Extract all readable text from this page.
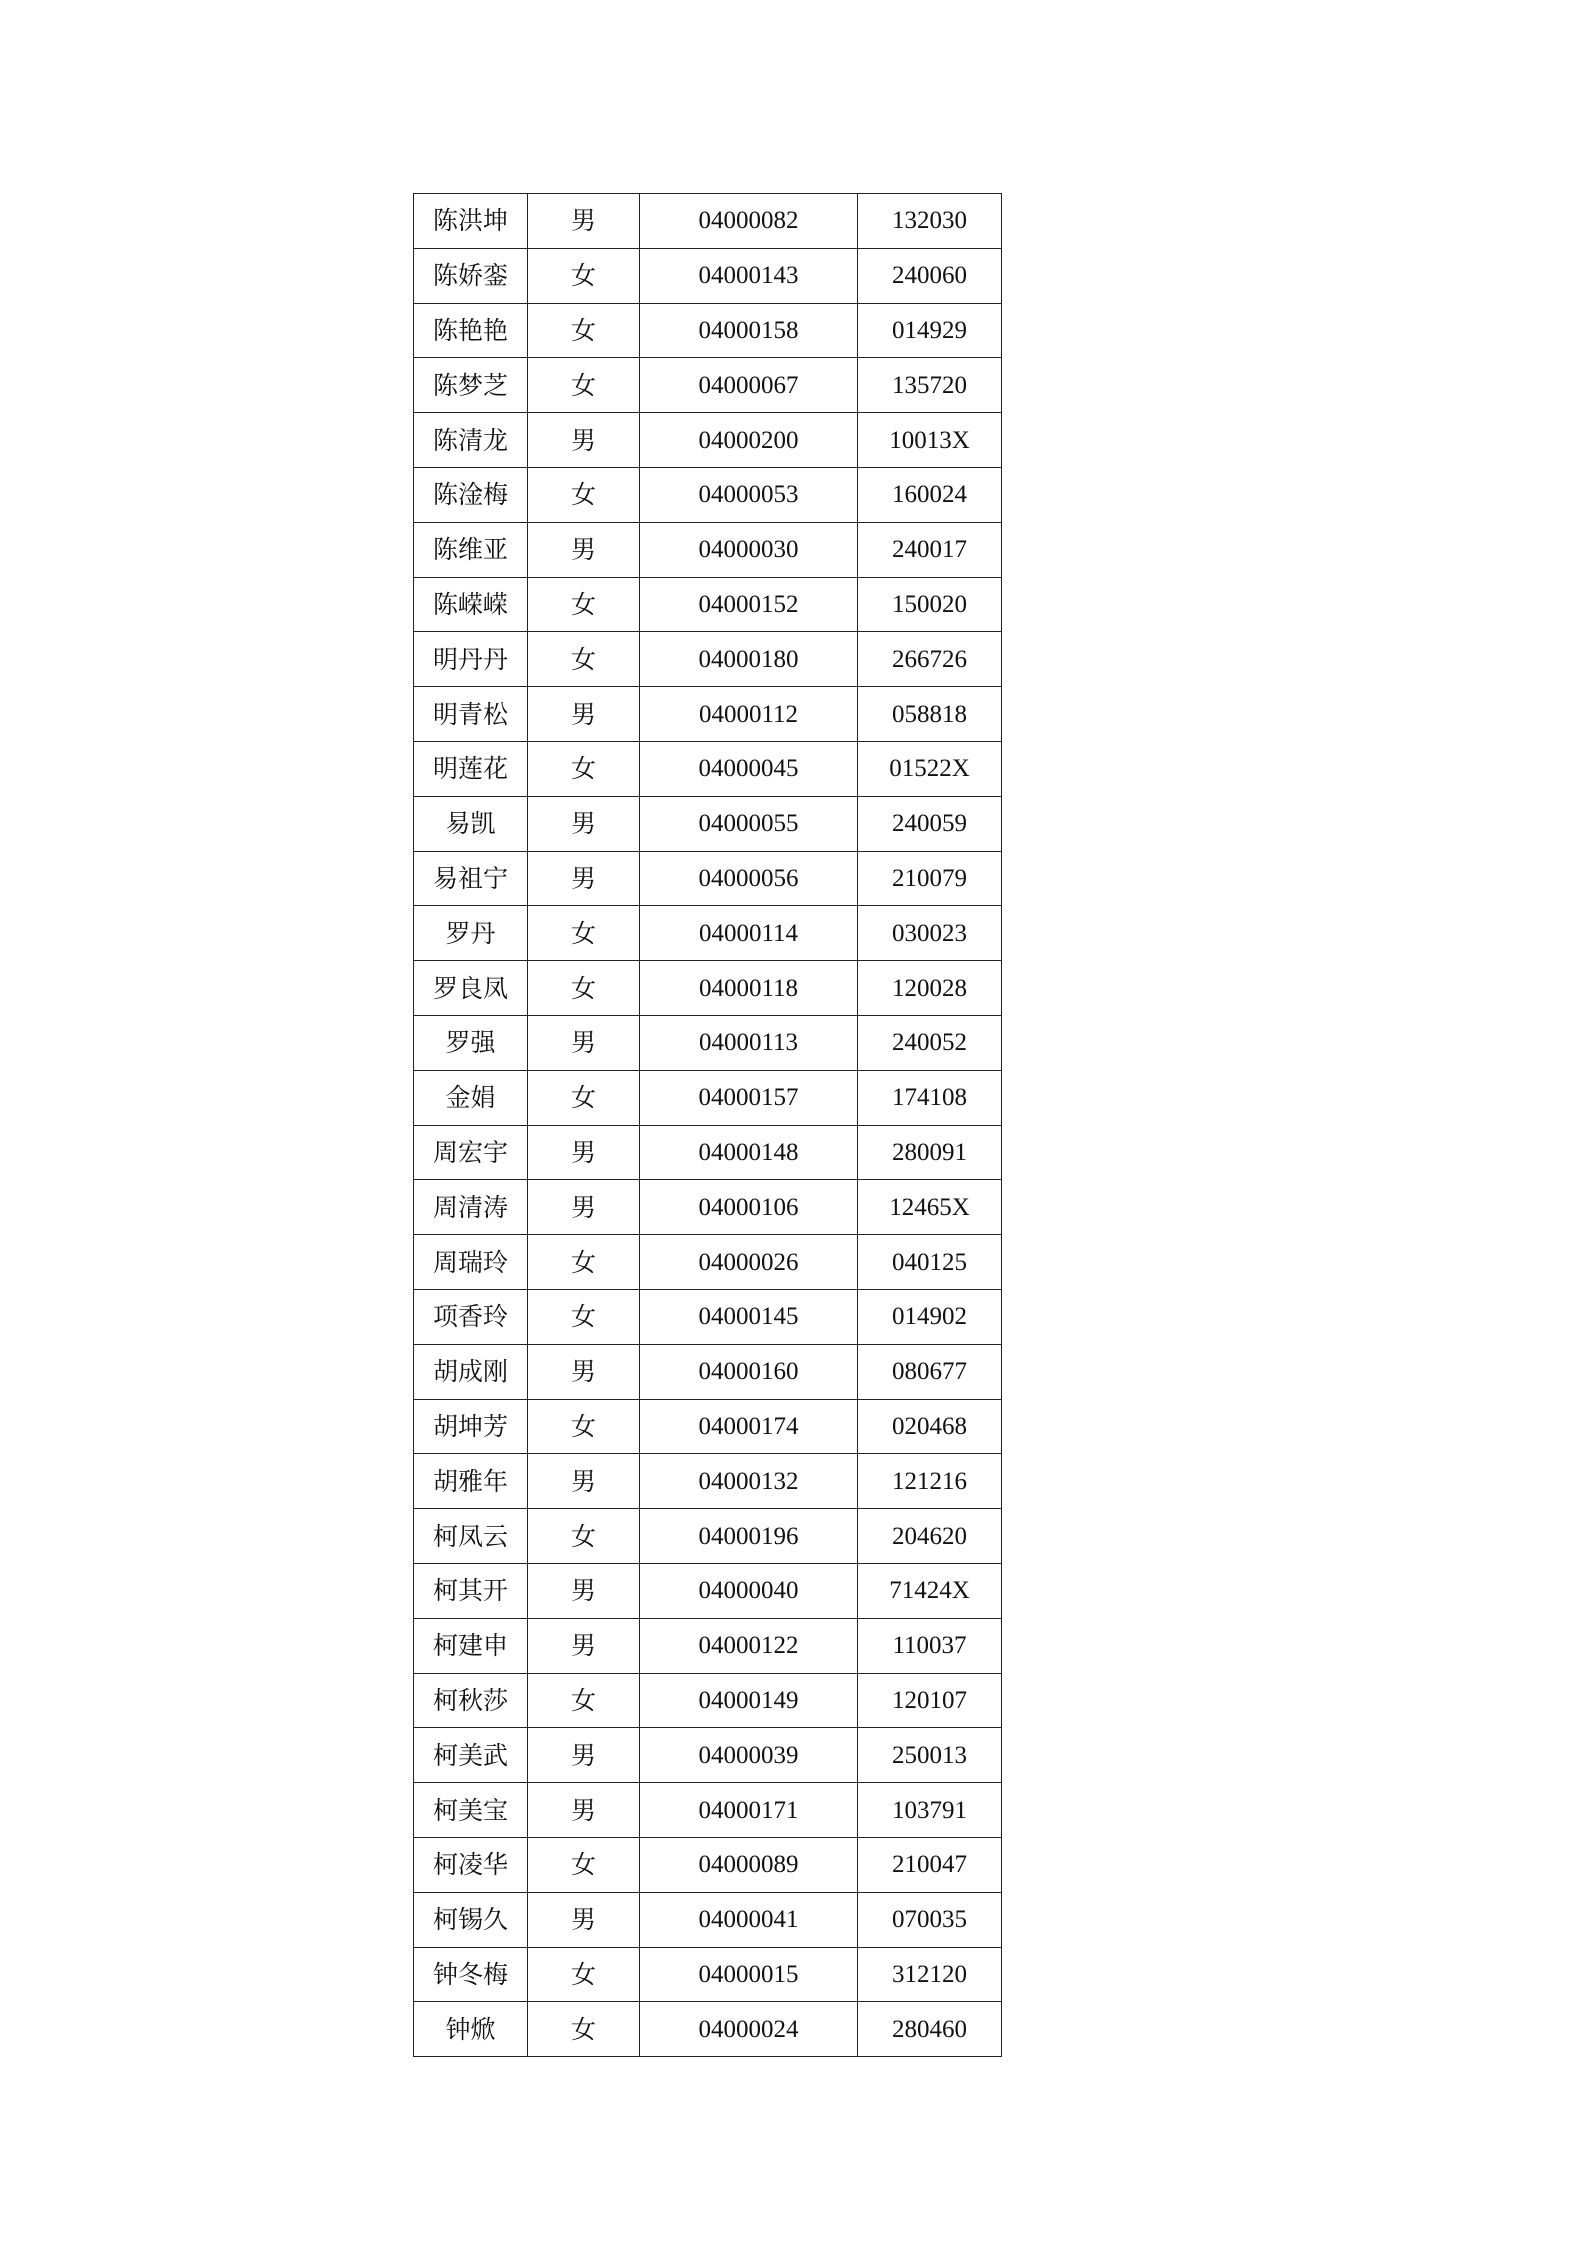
陈洪坤	男	04000082	132030
陈娇銮	女	04000143	240060
陈艳艳	女	04000158	014929
陈梦芝	女	04000067	135720
陈清龙	男	04000200	10013X
陈淦梅	女	04000053	160024
陈维亚	男	04000030	240017
陈嵘嵘	女	04000152	150020
明丹丹	女	04000180	266726
明青松	男	04000112	058818
明莲花	女	04000045	01522X
易凯	男	04000055	240059
易祖宁	男	04000056	210079
罗丹	女	04000114	030023
罗良凤	女	04000118	120028
罗强	男	04000113	240052
金娟	女	04000157	174108
周宏宇	男	04000148	280091
周清涛	男	04000106	12465X
周瑞玲	女	04000026	040125
项香玲	女	04000145	014902
胡成刚	男	04000160	080677
胡坤芳	女	04000174	020468
胡雅年	男	04000132	121216
柯凤云	女	04000196	204620
柯其开	男	04000040	71424X
柯建申	男	04000122	110037
柯秋莎	女	04000149	120107
柯美武	男	04000039	250013
柯美宝	男	04000171	103791
柯凌华	女	04000089	210047
柯锡久	男	04000041	070035
钟冬梅	女	04000015	312120
钟焮	女	04000024	280460
